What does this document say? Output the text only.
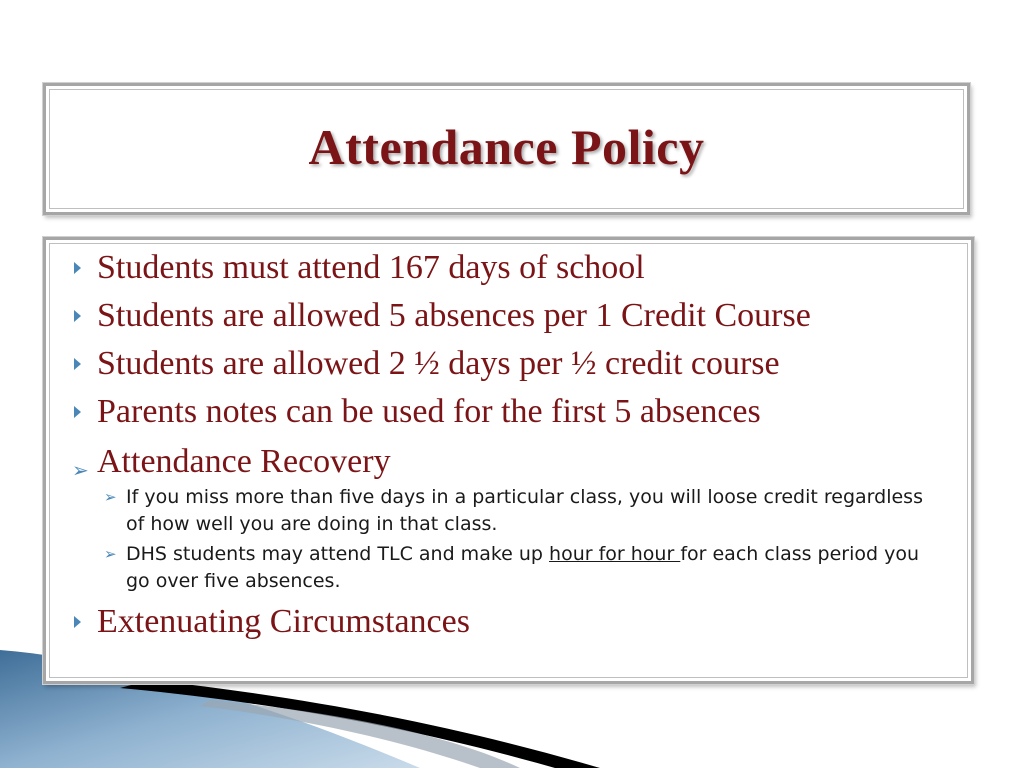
Attendance Policy
Students must attend 167 days of school
Students are allowed 5 absences per 1 Credit Course
Students are allowed 2 ½ days per ½ credit course
Parents notes can be used for the first 5 absences
➢ Attendance Recovery
➢ If you miss more than five days in a particular class, you will loose credit regardless of how well you are doing in that class.
➢ DHS students may attend TLC and make up hour for hour for each class period you go over five absences.
Extenuating Circumstances
